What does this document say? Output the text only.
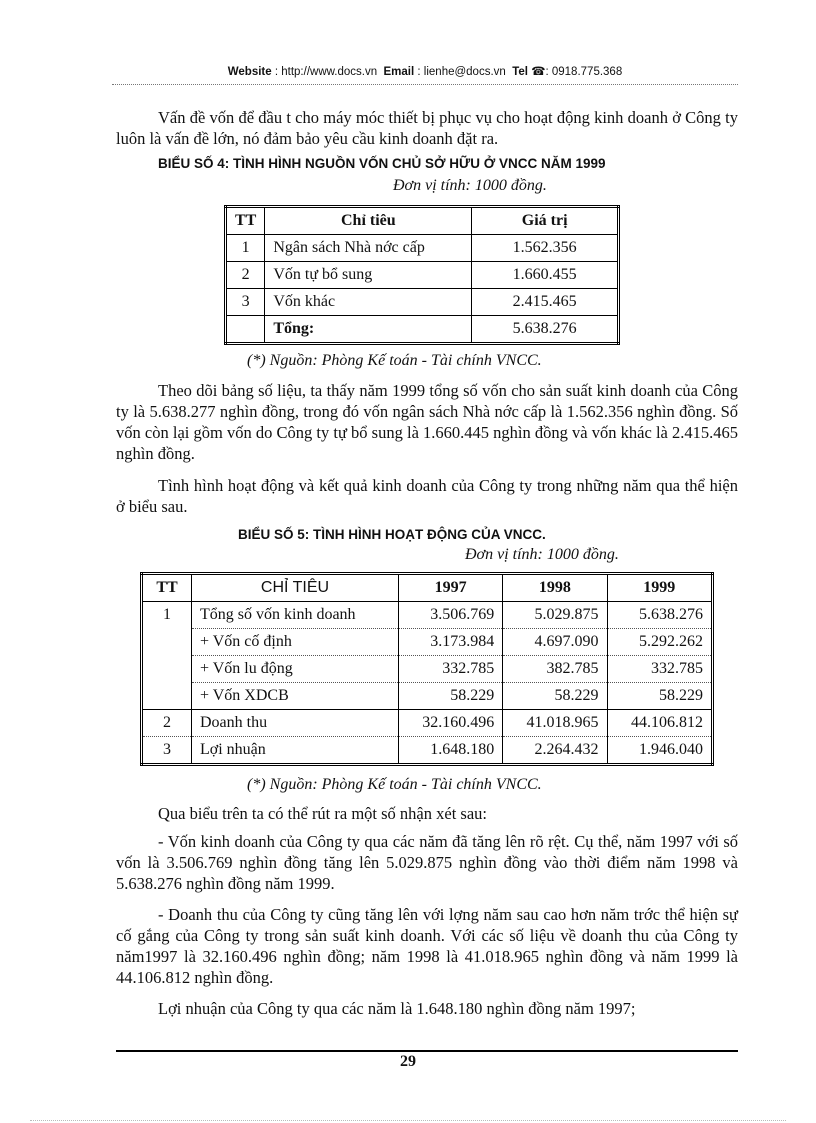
Website : http://www.docs.vn Email : lienhe@docs.vn Tel ☎: 0918.775.368

Vấn đề vốn để đầu t cho máy móc thiết bị phục vụ cho hoạt động kinh doanh ở Công ty luôn là vấn đề lớn, nó đảm bảo yêu cầu kinh doanh đặt ra.

BIỂU SỐ 4: TÌNH HÌNH NGUỒN VỐN CHỦ SỞ HỮU Ở VNCC NĂM 1999
Đơn vị tính: 1000 đồng.
TT	Chỉ tiêu	Giá trị
1	Ngân sách Nhà nớc cấp	1.562.356
2	Vốn tự bổ sung	1.660.455
3	Vốn khác	2.415.465
	Tổng:	5.638.276
(*) Nguồn: Phòng Kế toán - Tài chính VNCC.

Theo dõi bảng số liệu, ta thấy năm 1999 tổng số vốn cho sản suất kinh doanh của Công ty là 5.638.277 nghìn đồng, trong đó vốn ngân sách Nhà nớc cấp là 1.562.356 nghìn đồng. Số vốn còn lại gồm vốn do Công ty tự bổ sung là 1.660.445 nghìn đồng và vốn khác là 2.415.465 nghìn đồng.

Tình hình hoạt động và kết quả kinh doanh của Công ty trong những năm qua thể hiện ở biểu sau.

BIỂU SỐ 5: TÌNH HÌNH HOẠT ĐỘNG CỦA VNCC.
Đơn vị tính: 1000 đồng.
TT	CHỈ TIÊU	1997	1998	1999
1	Tổng số vốn kinh doanh	3.506.769	5.029.875	5.638.276
	+ Vốn cố định	3.173.984	4.697.090	5.292.262
	+ Vốn lu động	332.785	382.785	332.785
	+ Vốn XDCB	58.229	58.229	58.229
2	Doanh thu	32.160.496	41.018.965	44.106.812
3	Lợi nhuận	1.648.180	2.264.432	1.946.040
(*) Nguồn: Phòng Kế toán - Tài chính VNCC.

Qua biểu trên ta có thể rút ra một số nhận xét sau:

- Vốn kinh doanh của Công ty qua các năm đã tăng lên rõ rệt. Cụ thể, năm 1997 với số vốn là 3.506.769 nghìn đồng tăng lên 5.029.875 nghìn đồng vào thời điểm năm 1998 và 5.638.276 nghìn đồng năm 1999.

- Doanh thu của Công ty cũng tăng lên với lợng năm sau cao hơn năm trớc thể hiện sự cố gắng của Công ty trong sản suất kinh doanh. Với các số liệu về doanh thu của Công ty năm1997 là 32.160.496 nghìn đồng; năm 1998 là 41.018.965 nghìn đồng và năm 1999 là 44.106.812 nghìn đồng.

Lợi nhuận của Công ty qua các năm là 1.648.180 nghìn đồng năm 1997;

29
